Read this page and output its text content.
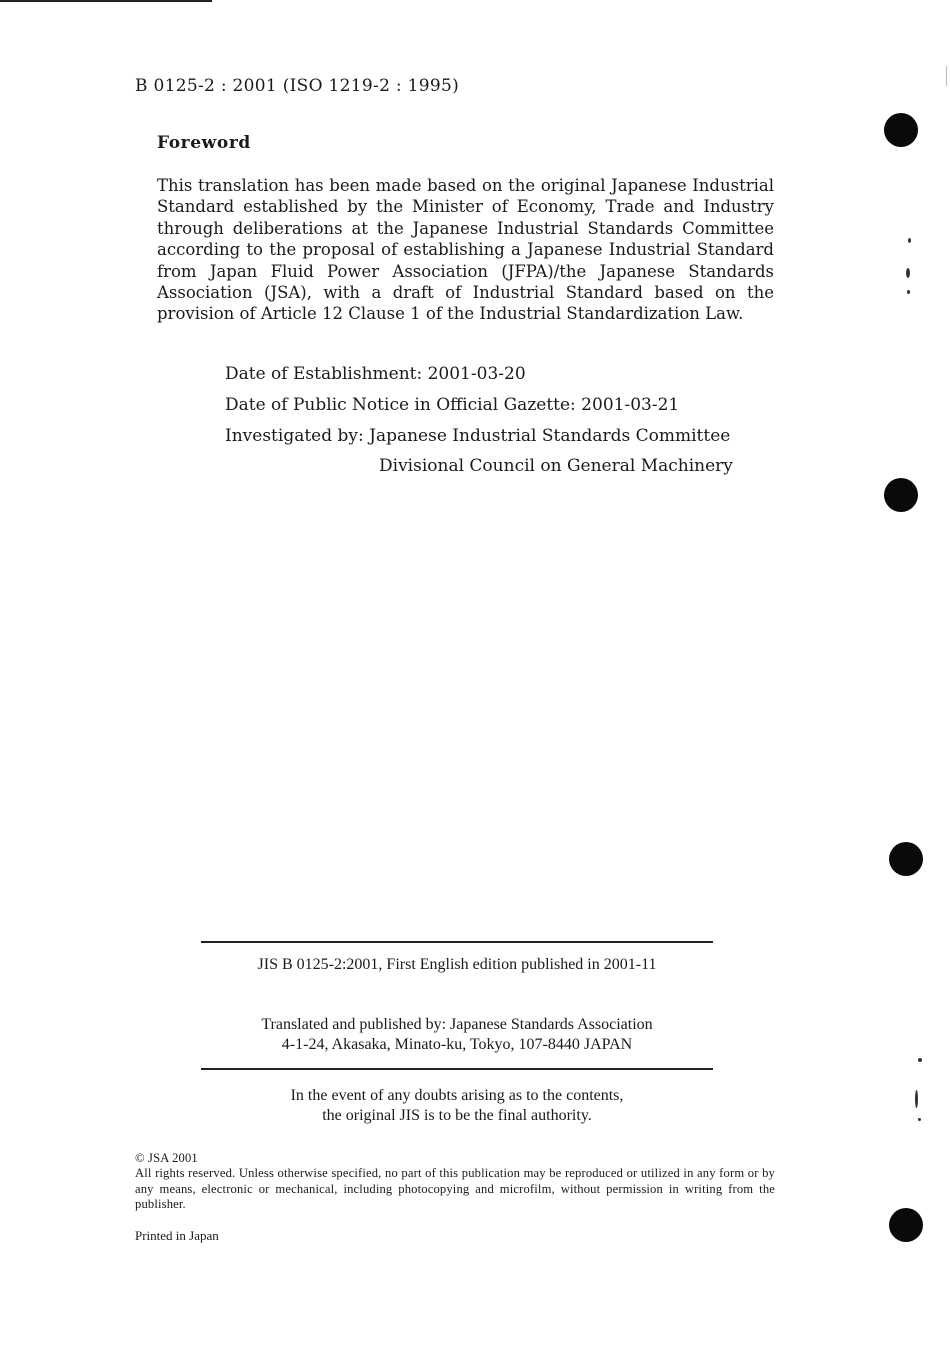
B 0125-2 : 2001 (ISO 1219-2 : 1995)
Foreword

This translation has been made based on the original Japanese Industrial Standard established by the Minister of Economy, Trade and Industry through deliberations at the Japanese Industrial Standards Committee according to the proposal of establishing a Japanese Industrial Standard from Japan Fluid Power Association (JFPA)/the Japanese Standards Association (JSA), with a draft of Industrial Standard based on the provision of Article 12 Clause 1 of the Industrial Standardization Law.

Date of Establishment: 2001-03-20
Date of Public Notice in Official Gazette: 2001-03-21
Investigated by: Japanese Industrial Standards Committee
Divisional Council on General Machinery
JIS B 0125-2:2001, First English edition published in 2001-11
Translated and published by: Japanese Standards Association
4-1-24, Akasaka, Minato-ku, Tokyo, 107-8440 JAPAN
In the event of any doubts arising as to the contents,
the original JIS is to be the final authority.
© JSA 2001
All rights reserved. Unless otherwise specified, no part of this publication may be reproduced or utilized in any form or by any means, electronic or mechanical, including photocopying and microfilm, without permission in writing from the publisher.
Printed in Japan
